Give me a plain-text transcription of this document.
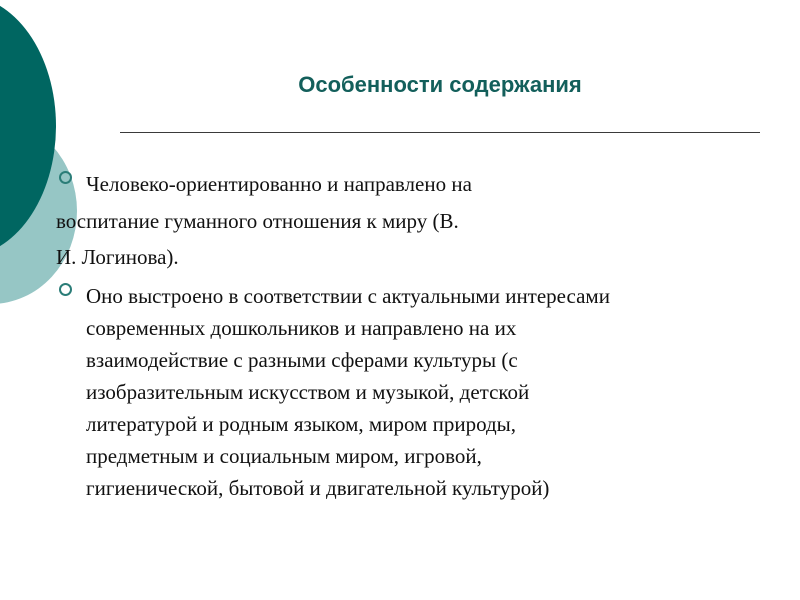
Особенности содержания
Человеко-ориентированно и направлено на
воспитание гуманного отношения к миру (В.
И. Логинова).
Оно выстроено в соответствии с актуальными интересами
современных дошкольников и направлено на их
взаимодействие с разными сферами культуры (с
изобразительным искусством и музыкой, детской
литературой и родным языком, миром природы,
предметным и социальным миром, игровой,
гигиенической, бытовой и двигательной культурой)
